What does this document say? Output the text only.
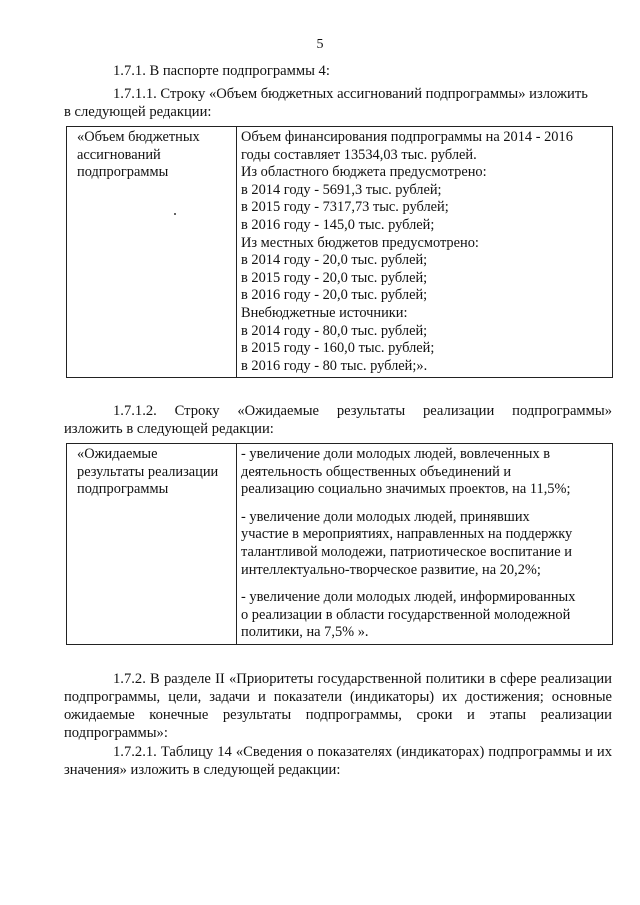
5

1.7.1. В паспорте подпрограммы 4:

1.7.1.1. Строку «Объем бюджетных ассигнований подпрограммы» изложить

в следующей редакции:

«Объем бюджетных
ассигнований
подпрограммы

Объем финансирования подпрограммы на 2014 - 2016
годы составляет 13534,03 тыс. рублей.
Из областного бюджета предусмотрено:
в 2014 году - 5691,3 тыс. рублей;
в 2015 году - 7317,73 тыс. рублей;
в 2016 году - 145,0 тыс. рублей;
Из местных бюджетов предусмотрено:
в 2014 году - 20,0 тыс. рублей;
в 2015 году - 20,0 тыс. рублей;
в 2016 году - 20,0 тыс. рублей;
Внебюджетные источники:
в 2014 году - 80,0 тыс. рублей;
в 2015 году - 160,0 тыс. рублей;
в 2016 году - 80 тыс. рублей;».

1.7.1.2. Строку «Ожидаемые результаты реализации подпрограммы»

изложить в следующей редакции:

«Ожидаемые
результаты реализации
подпрограммы

- увеличение доли молодых людей, вовлеченных в
деятельность общественных объединений и
реализацию социально значимых проектов, на 11,5%;
- увеличение доли молодых людей, принявших
участие в мероприятиях, направленных на поддержку
талантливой молодежи, патриотическое воспитание и
интеллектуально-творческое развитие, на 20,2%;
- увеличение доли молодых людей, информированных
о реализации в области государственной молодежной
политики, на 7,5% ».

1.7.2. В разделе II «Приоритеты государственной политики в сфере реализации подпрограммы, цели, задачи и показатели (индикаторы) их достижения; основные ожидаемые конечные результаты подпрограммы, сроки и этапы реализации подпрограммы»:

1.7.2.1. Таблицу 14 «Сведения о показателях (индикаторах) подпрограммы и их значения» изложить в следующей редакции:
